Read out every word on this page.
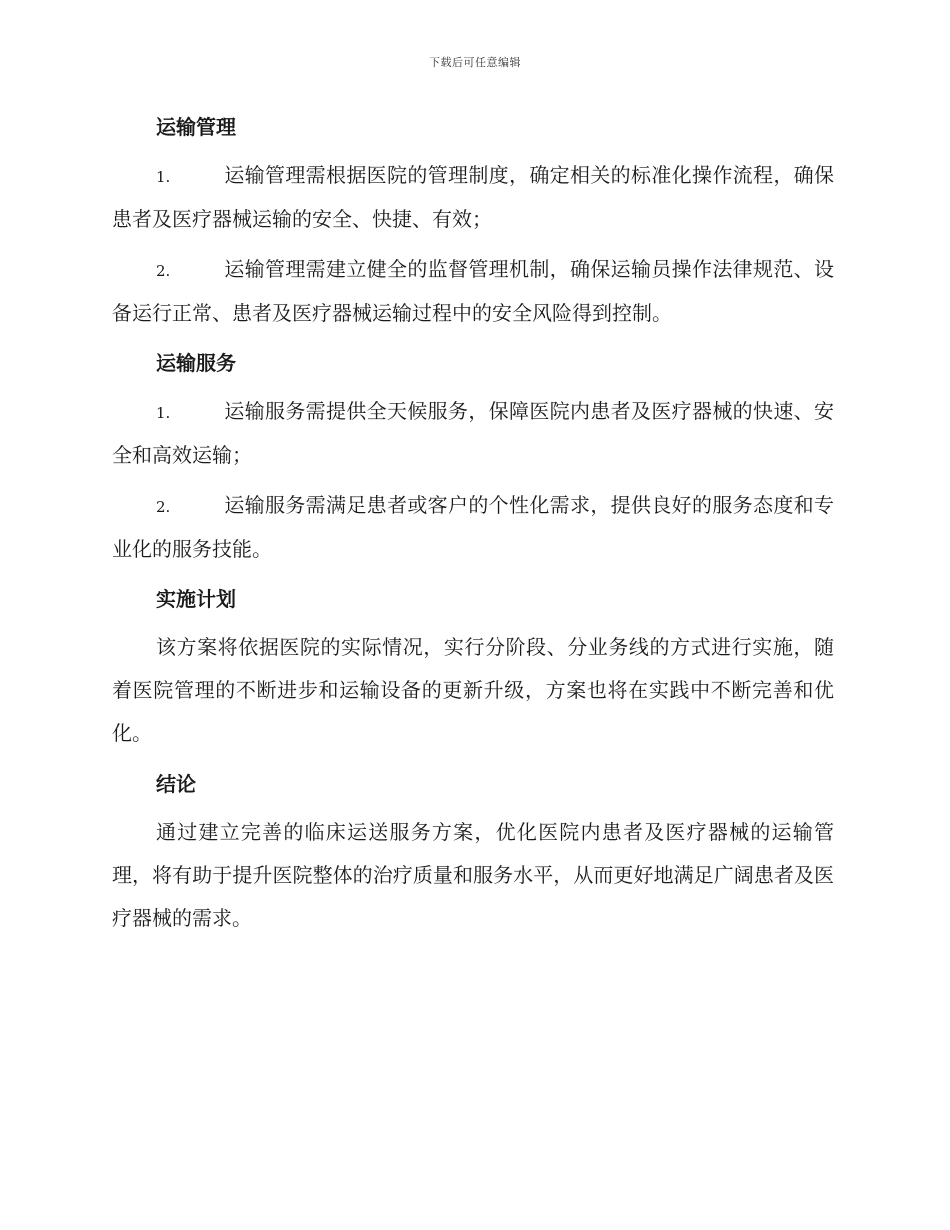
下载后可任意编辑
运输管理

1.	运输管理需根据医院的管理制度，确定相关的标准化操作流程，确保患者及医疗器械运输的安全、快捷、有效；

2.	运输管理需建立健全的监督管理机制，确保运输员操作法律规范、设备运行正常、患者及医疗器械运输过程中的安全风险得到控制。

运输服务

1.	运输服务需提供全天候服务，保障医院内患者及医疗器械的快速、安全和高效运输；

2.	运输服务需满足患者或客户的个性化需求，提供良好的服务态度和专业化的服务技能。

实施计划

该方案将依据医院的实际情况，实行分阶段、分业务线的方式进行实施，随着医院管理的不断进步和运输设备的更新升级，方案也将在实践中不断完善和优化。

结论

通过建立完善的临床运送服务方案，优化医院内患者及医疗器械的运输管理，将有助于提升医院整体的治疗质量和服务水平，从而更好地满足广阔患者及医疗器械的需求。
